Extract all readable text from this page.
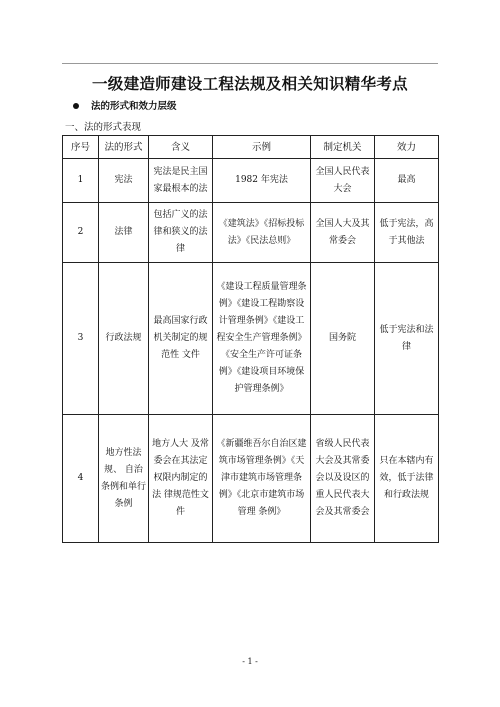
一级建造师建设工程法规及相关知识精华考点
法的形式和效力层级
一、法的形式表现
序号	法的形式	含义	示例	制定机关	效力
1	宪法	宪法是民主国家最根本的法	1982 年宪法	全国人民代表大会	最高
2	法律	包括广义的法律和狭义的法律	《建筑法》《招标投标法》《民法总则》	全国人大及其常委会	低于宪法，高于其他法
3	行政法规	最高国家行政机关制定的规范性 文件	《建设工程质量管理条例》《建设工程勘察设计管理条例》《建设工程安全生产管理条例》《安全生产许可证条例》《建设项目环境保护管理条例》	国务院	低于宪法和法律
4	地方性法规、 自治条例和单行条例	地方人大 及常委会在其法定权限内制定的法 律规范性文件	《新疆维吾尔自治区建筑市场管理条例》《天津市建筑市场管理条例》《北京市建筑市场管理 条例》	省级人民代表大会及其常委会以及设区的重人民代表大会及其常委会	只在本辖内有效，低于法律和行政法规
- 1 -
